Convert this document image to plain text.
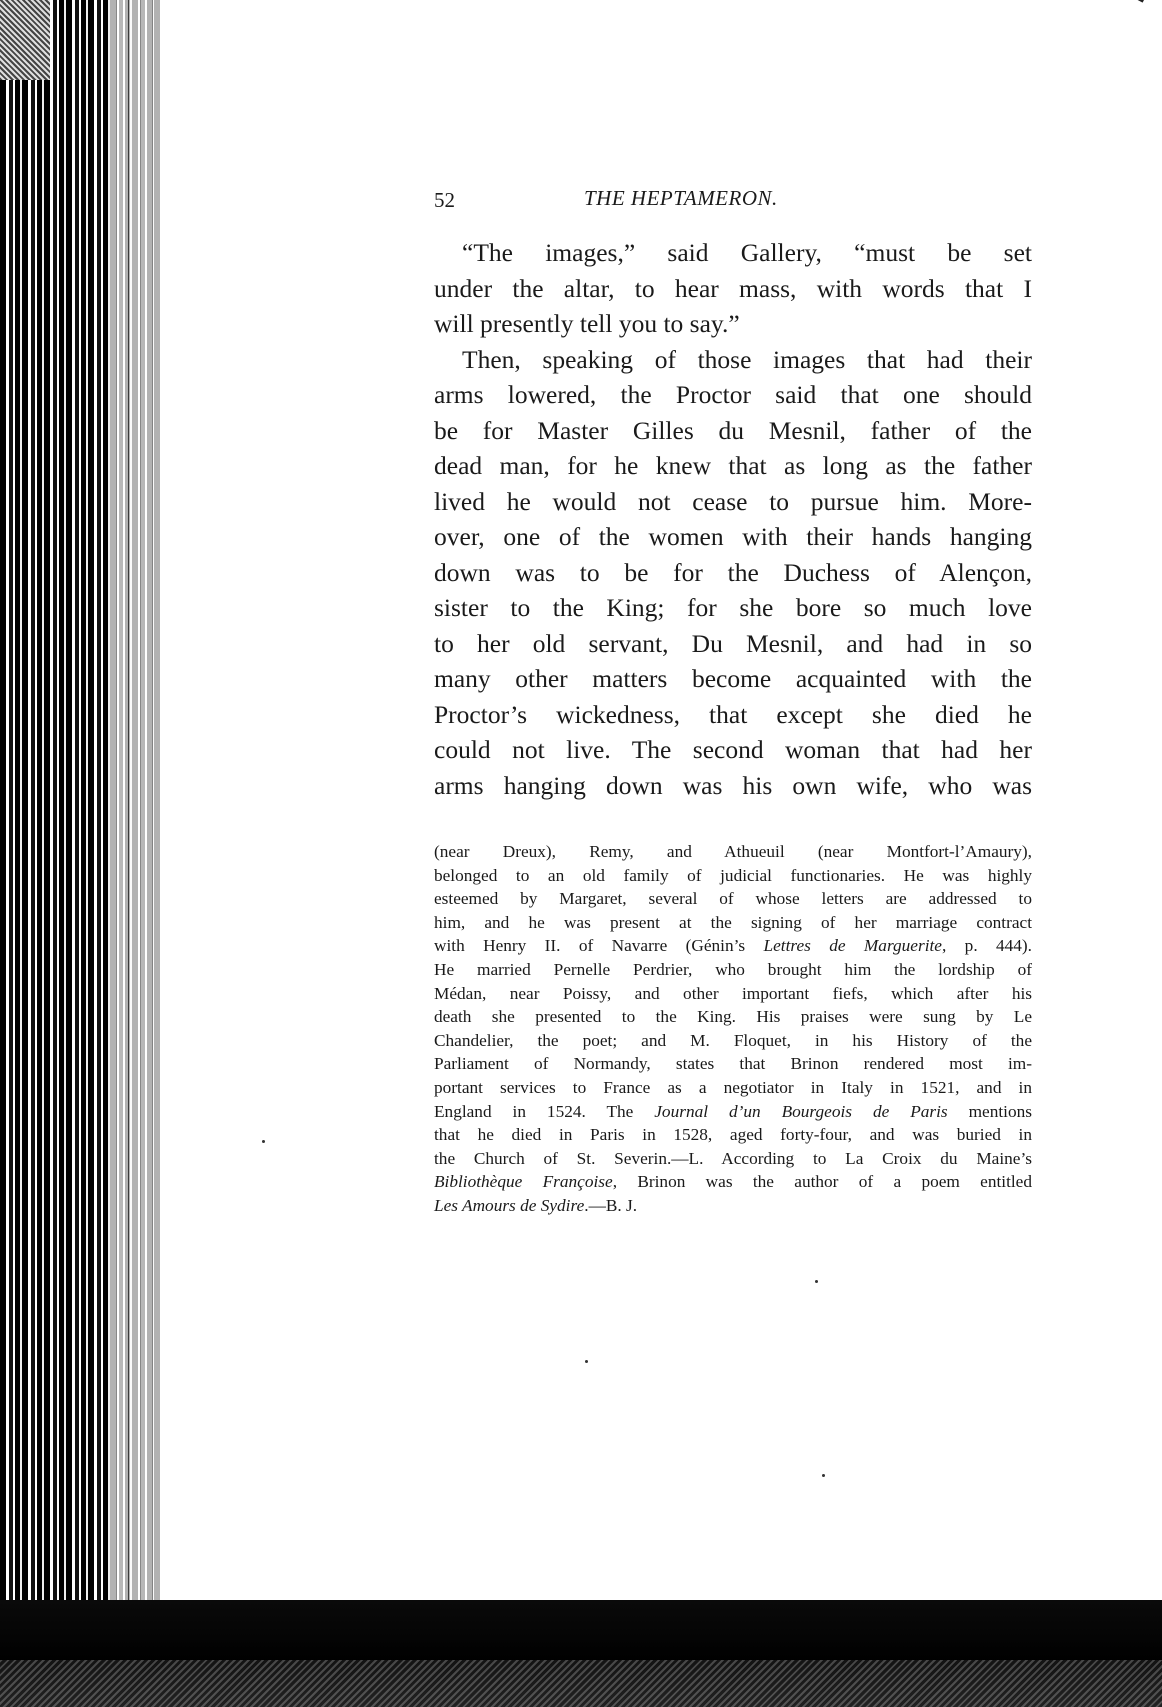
52	THE HEPTAMERON.
“The images,” said Gallery, “must be set
under the altar, to hear mass, with words that I
will presently tell you to say.”
Then, speaking of those images that had their
arms lowered, the Proctor said that one should
be for Master Gilles du Mesnil, father of the
dead man, for he knew that as long as the father
lived he would not cease to pursue him. More-
over, one of the women with their hands hanging
down was to be for the Duchess of Alençon,
sister to the King; for she bore so much love
to her old servant, Du Mesnil, and had in so
many other matters become acquainted with the
Proctor’s wickedness, that except she died he
could not live. The second woman that had her
arms hanging down was his own wife, who was
(near Dreux), Remy, and Athueuil (near Montfort-l’Amaury),
belonged to an old family of judicial functionaries. He was highly
esteemed by Margaret, several of whose letters are addressed to
him, and he was present at the signing of her marriage contract
with Henry II. of Navarre (Génin’s Lettres de Marguerite, p. 444).
He married Pernelle Perdrier, who brought him the lordship of
Médan, near Poissy, and other important fiefs, which after his
death she presented to the King. His praises were sung by Le
Chandelier, the poet; and M. Floquet, in his History of the
Parliament of Normandy, states that Brinon rendered most im-
portant services to France as a negotiator in Italy in 1521, and in
England in 1524. The Journal d’un Bourgeois de Paris mentions
that he died in Paris in 1528, aged forty-four, and was buried in
the Church of St. Severin.—L. According to La Croix du Maine’s
Bibliothèque Françoise, Brinon was the author of a poem entitled
Les Amours de Sydire.—B. J.
